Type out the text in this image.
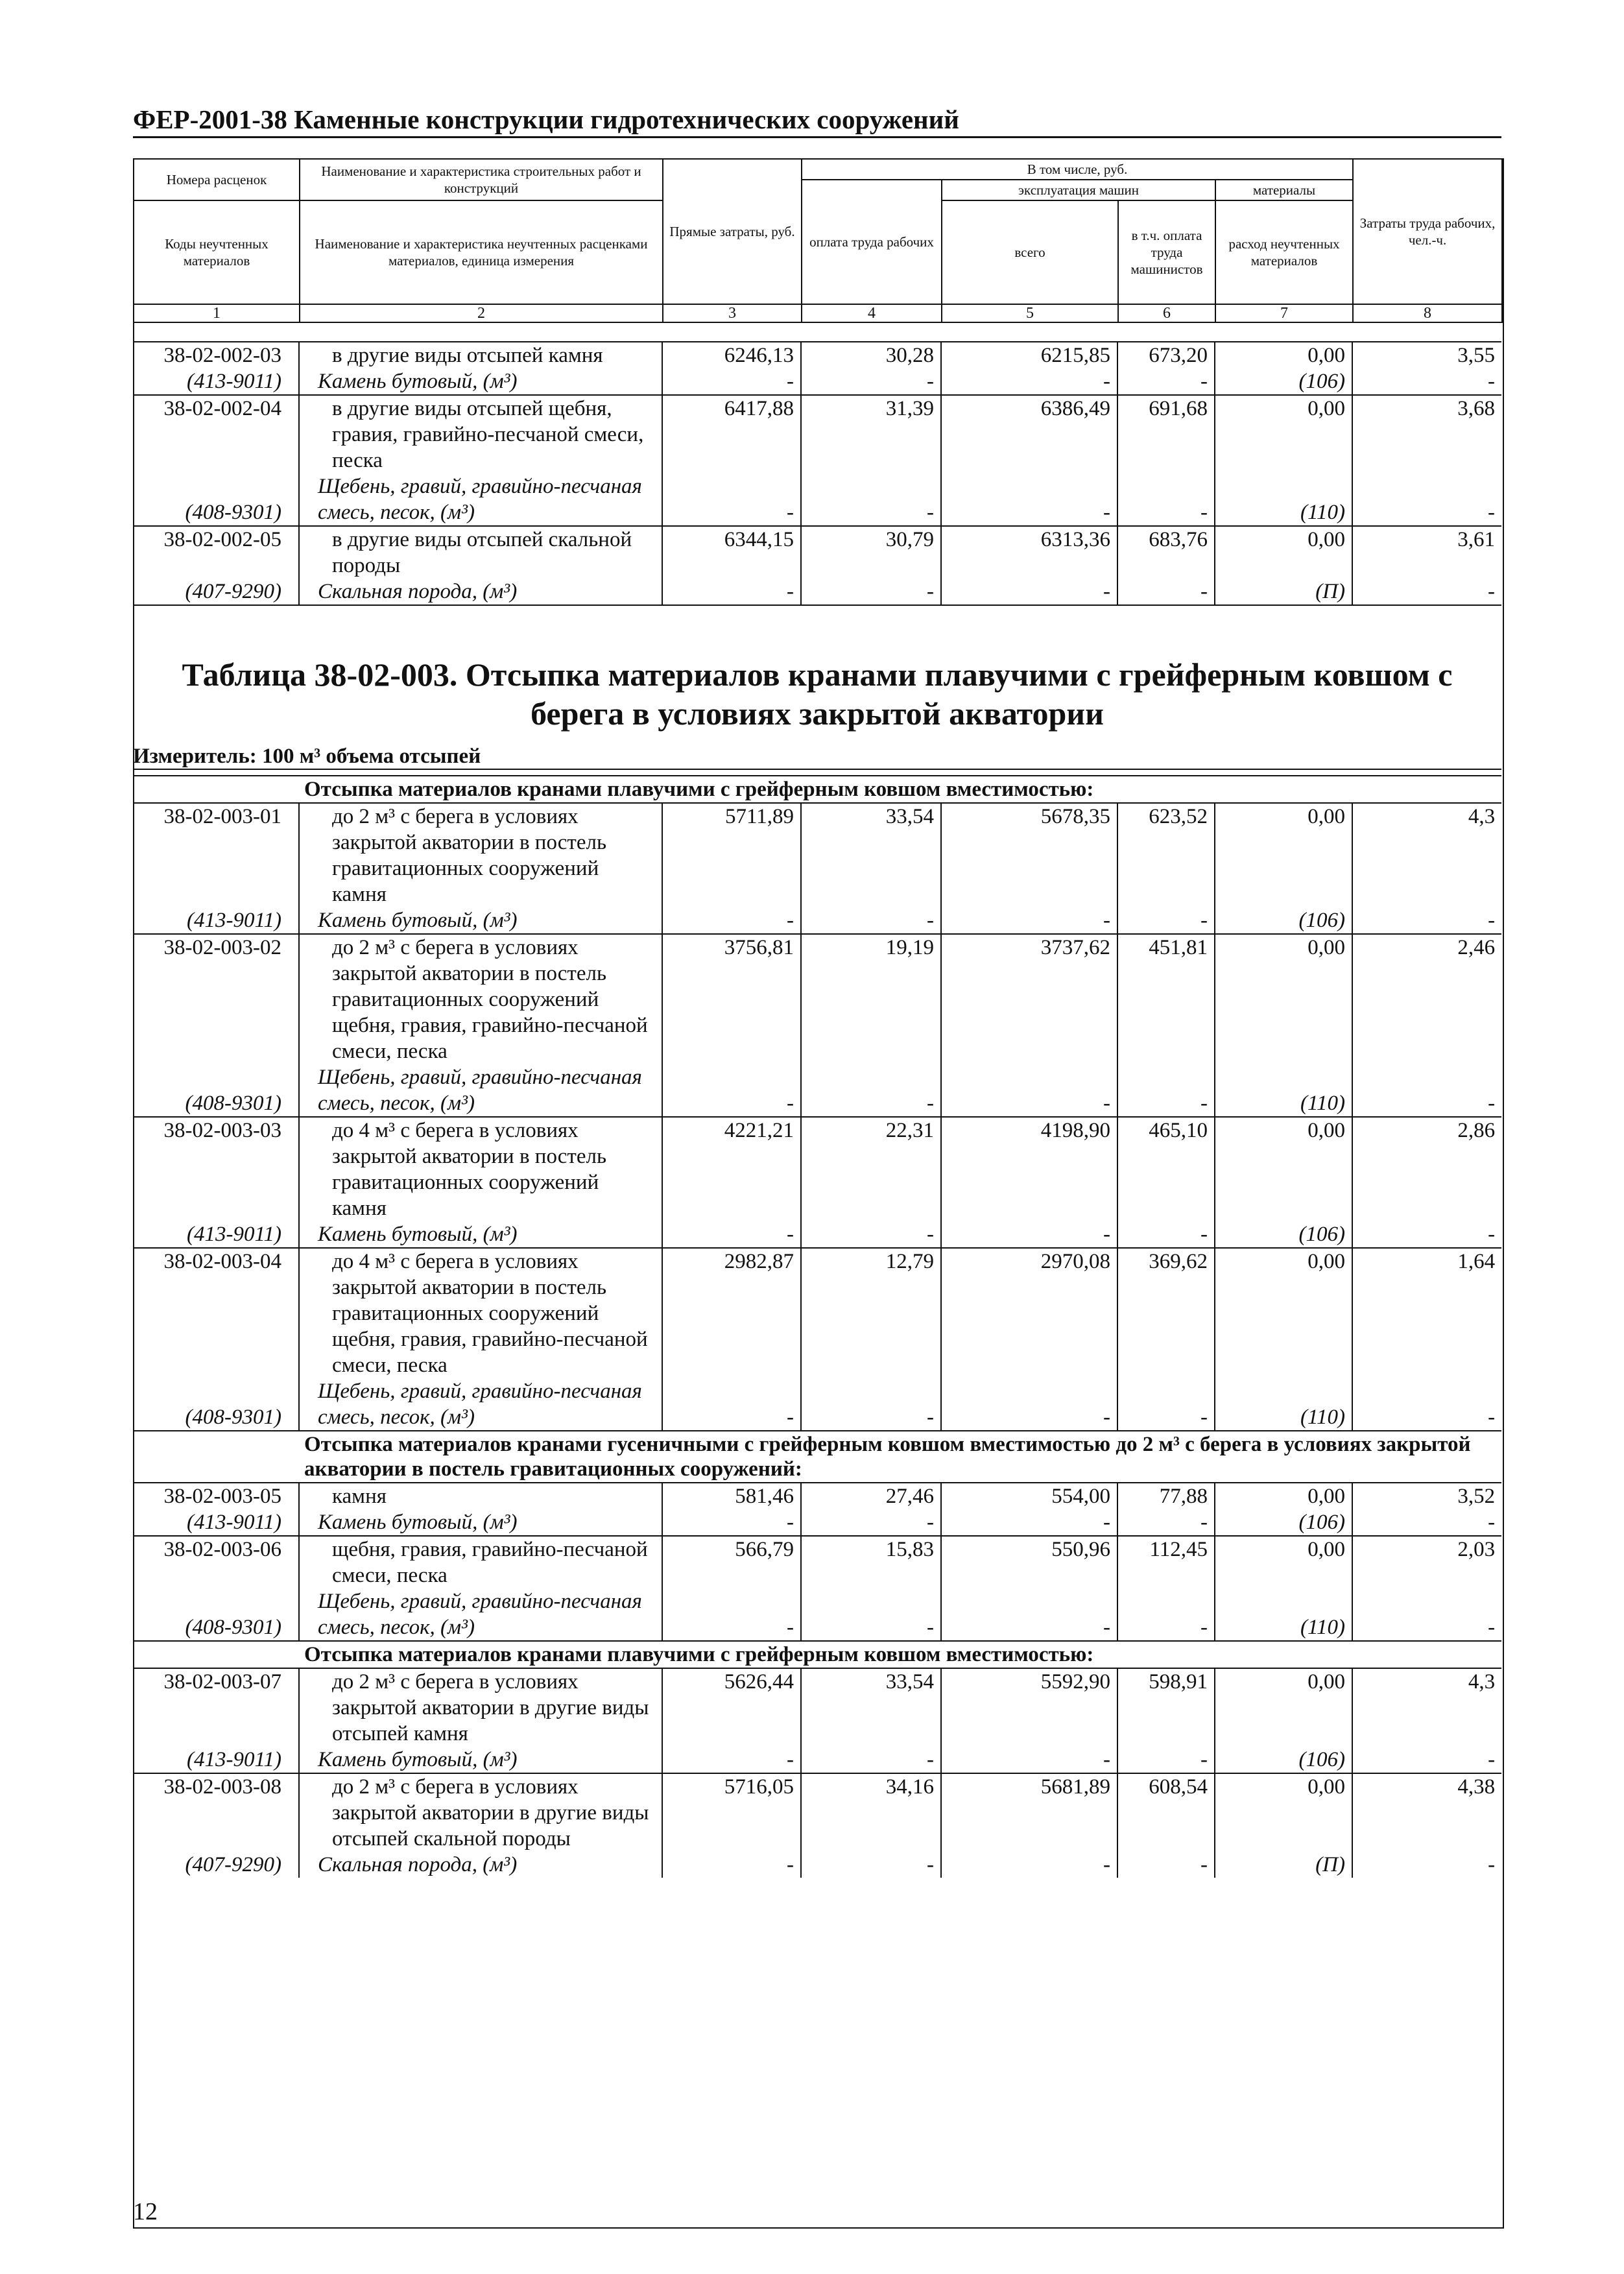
ФЕР-2001-38 Каменные конструкции гидротехнических сооружений
Номера расценок	Наименование и характеристика строительных работ и конструкций	Прямые затраты, руб.	В том числе, руб.				Затраты труда рабочих, чел.-ч.
			оплата труда рабочих	эксплуатация машин		материалы	
Коды неучтенных материалов	Наименование и характеристика неучтенных расценками материалов, единица измерения			всего	в т.ч. оплата труда машинистов	расход неучтенных материалов	

1	2	3	4	5	6	7	8
38-02-002-03	в другие виды отсыпей камня	6246,13	30,28	6215,85	673,20	0,00	3,55
(413-9011)	Камень бутовый, (м³)	-	-	-	-	(106)	-
38-02-002-04	в другие виды отсыпей щебня, гравия, гравийно-песчаной смеси, песка	6417,88	31,39	6386,49	691,68	0,00	3,68
(408-9301)	Щебень, гравий, гравийно-песчаная смесь, песок, (м³)	-	-	-	-	(110)	-
38-02-002-05	в другие виды отсыпей скальной породы	6344,15	30,79	6313,36	683,76	0,00	3,61
(407-9290)	Скальная порода, (м³)	-	-	-	-	(П)	-

Таблица 38-02-003. Отсыпка материалов кранами плавучими с грейферным ковшом с берега в условиях закрытой акватории
Измеритель: 100 м³ объема отсыпей
Отсыпка материалов кранами плавучими с грейферным ковшом вместимостью:							
38-02-003-01	до 2 м³ с берега в условиях закрытой акватории в постель гравитационных сооружений камня	5711,89	33,54	5678,35	623,52	0,00	4,3
(413-9011)	Камень бутовый, (м³)	-	-	-	-	(106)	-
38-02-003-02	до 2 м³ с берега в условиях закрытой акватории в постель гравитационных сооружений щебня, гравия, гравийно-песчаной смеси, песка	3756,81	19,19	3737,62	451,81	0,00	2,46
(408-9301)	Щебень, гравий, гравийно-песчаная смесь, песок, (м³)	-	-	-	-	(110)	-
38-02-003-03	до 4 м³ с берега в условиях закрытой акватории в постель гравитационных сооружений камня	4221,21	22,31	4198,90	465,10	0,00	2,86
(413-9011)	Камень бутовый, (м³)	-	-	-	-	(106)	-
38-02-003-04	до 4 м³ с берега в условиях закрытой акватории в постель гравитационных сооружений щебня, гравия, гравийно-песчаной смеси, песка	2982,87	12,79	2970,08	369,62	0,00	1,64
(408-9301)	Щебень, гравий, гравийно-песчаная смесь, песок, (м³)	-	-	-	-	(110)	-
Отсыпка материалов кранами гусеничными с грейферным ковшом вместимостью до 2 м³ с берега в условиях закрытой акватории в постель гравитационных сооружений:							
38-02-003-05	камня	581,46	27,46	554,00	77,88	0,00	3,52
(413-9011)	Камень бутовый, (м³)	-	-	-	-	(106)	-
38-02-003-06	щебня, гравия, гравийно-песчаной смеси, песка	566,79	15,83	550,96	112,45	0,00	2,03
(408-9301)	Щебень, гравий, гравийно-песчаная смесь, песок, (м³)	-	-	-	-	(110)	-
Отсыпка материалов кранами плавучими с грейферным ковшом вместимостью:							
38-02-003-07	до 2 м³ с берега в условиях закрытой акватории в другие виды отсыпей камня	5626,44	33,54	5592,90	598,91	0,00	4,3
(413-9011)	Камень бутовый, (м³)	-	-	-	-	(106)	-
38-02-003-08	до 2 м³ с берега в условиях закрытой акватории в другие виды отсыпей скальной породы	5716,05	34,16	5681,89	608,54	0,00	4,38
(407-9290)	Скальная порода, (м³)	-	-	-	-	(П)	-
12
